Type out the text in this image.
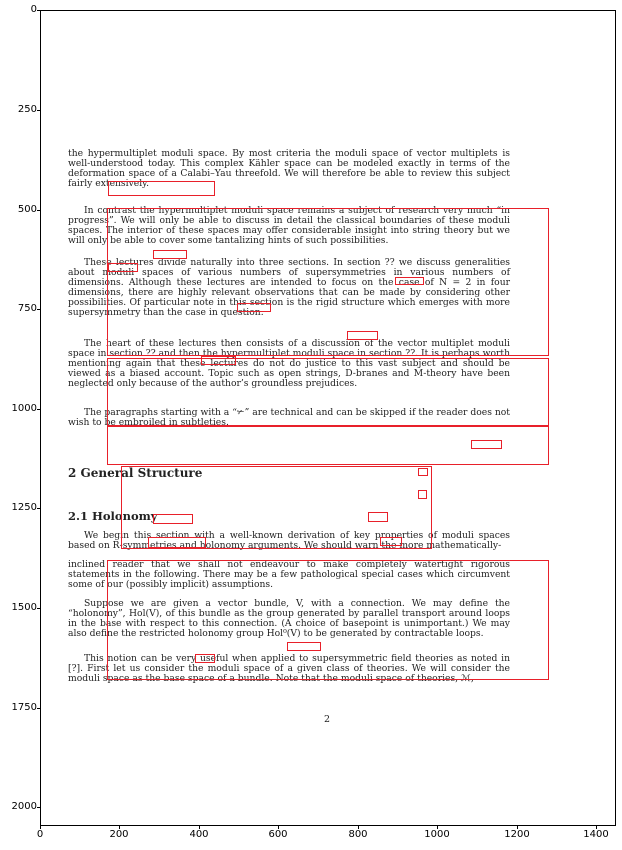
0	200	400	600	800	1000	1200	1400
0
250
500
750
1000
1250
1500
1750
2000

the hypermultiplet moduli space. By most criteria the moduli space of vector multiplets is well-understood today. This complex Kähler space can be modeled exactly in terms of the deformation space of a Calabi–Yau threefold. We will therefore be able to review this subject fairly extensively.

In contrast the hypermultiplet moduli space remains a subject of research very much “in progress”. We will only be able to discuss in detail the classical boundaries of these moduli spaces. The interior of these spaces may offer considerable insight into string theory but we will only be able to cover some tantalizing hints of such possibilities.

These lectures divide naturally into three sections. In section ?? we discuss generalities about moduli spaces of various numbers of supersymmetries in various numbers of dimensions. Although these lectures are intended to focus on the case of N = 2 in four dimensions, there are highly relevant observations that can be made by considering other possibilities. Of particular note in this section is the rigid structure which emerges with more supersymmetry than the case in question.

The heart of these lectures then consists of a discussion of the vector multiplet moduli space in section ?? and then the hypermultiplet moduli space in section ??. It is perhaps worth mentioning again that these lectures do not do justice to this vast subject and should be viewed as a biased account. Topic such as open strings, D-branes and M-theory have been neglected only because of the author’s groundless prejudices.

The paragraphs starting with a “✃” are technical and can be skipped if the reader does not wish to be embroiled in subtleties.

2 General Structure
2.1 Holonomy

We begin this section with a well-known derivation of key properties of moduli spaces based on R-symmetries and holonomy arguments. We should warn the more mathematically-

inclined reader that we shall not endeavour to make completely watertight rigorous statements in the following. There may be a few pathological special cases which circumvent some of our (possibly implicit) assumptions.

Suppose we are given a vector bundle, V, with a connection. We may define the “holonomy”, Hol(V), of this bundle as the group generated by parallel transport around loops in the base with respect to this connection. (A choice of basepoint is unimportant.) We may also define the restricted holonomy group Hol⁰(V) to be generated by contractable loops.

This notion can be very useful when applied to supersymmetric field theories as noted in [?]. First let us consider the moduli space of a given class of theories. We will consider the moduli space as the base space of a bundle. Note that the moduli space of theories, ℳ,

2
